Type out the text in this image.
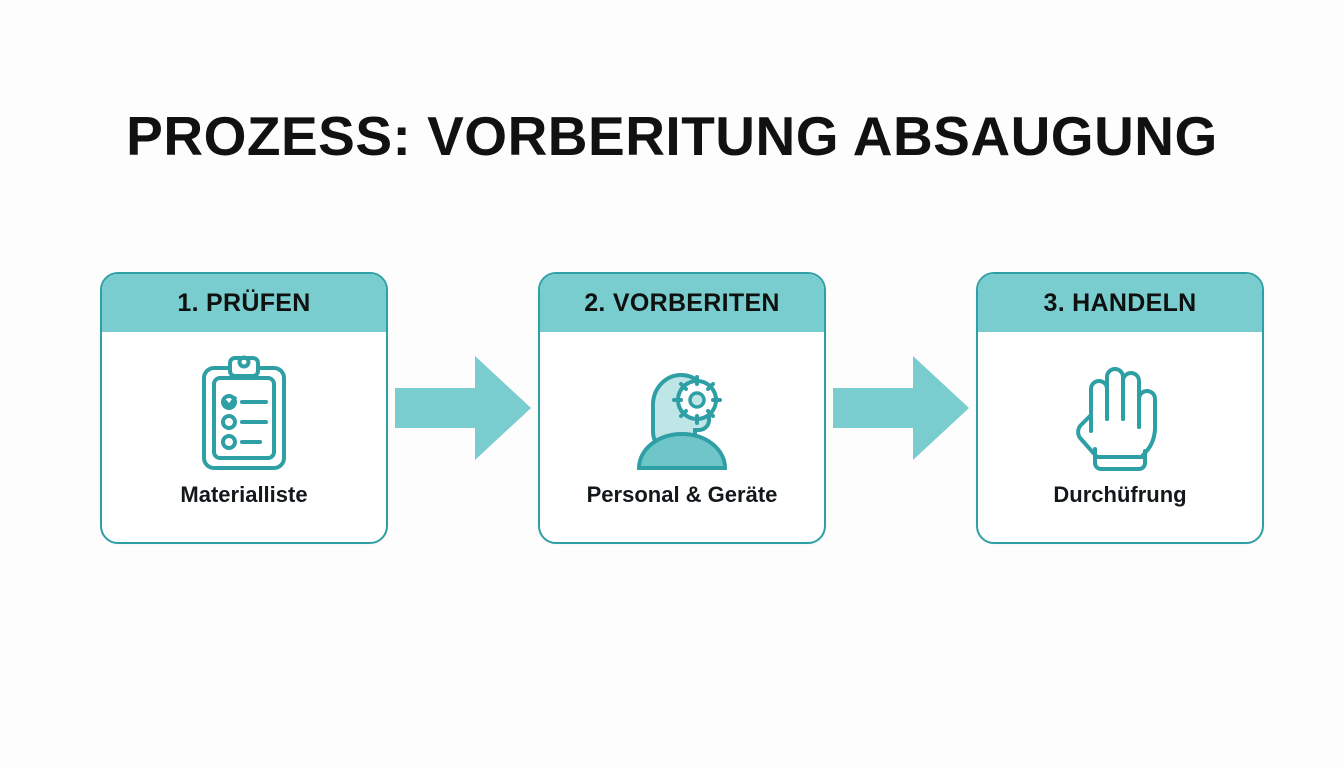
PROZESS: VORBERITUNG ABSAUGUNG
1. PRÜFEN
Materialliste
2. VORBERITEN
Personal & Geräte
3. HANDELN
Durchüfrung
